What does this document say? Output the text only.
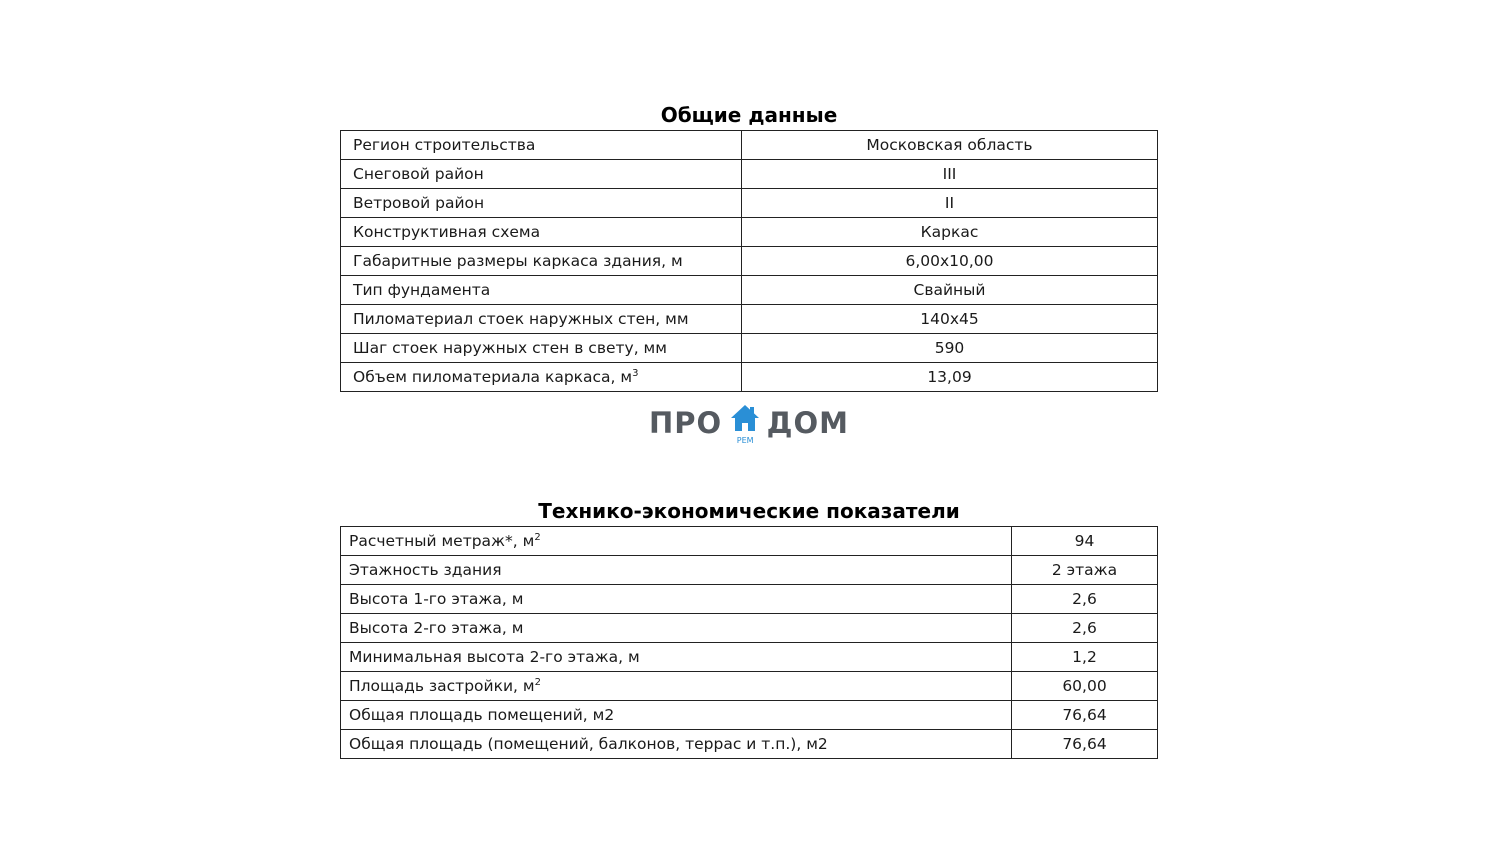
Общие данные
Регион строительства	Московская область
Снеговой район	III
Ветровой район	II
Конструктивная схема	Каркас
Габаритные размеры каркаса здания, м	6,00х10,00
Тип фундамента	Свайный
Пиломатериал стоек наружных стен, мм	140х45
Шаг стоек наружных стен в свету, мм	590
Объем пиломатериала каркаса, $м^3$	13,09
ПРО
РЕМ
ДОМ
Технико-экономические показатели
Расчетный метраж*, $м^2$	94
Этажность здания	2 этажа
Высота 1-го этажа, м	2,6
Высота 2-го этажа, м	2,6
Минимальная высота 2-го этажа, м	1,2
Площадь застройки, $м^2$	60,00
Общая площадь помещений, м2	76,64
Общая площадь (помещений, балконов, террас и т.п.), м2	76,64
